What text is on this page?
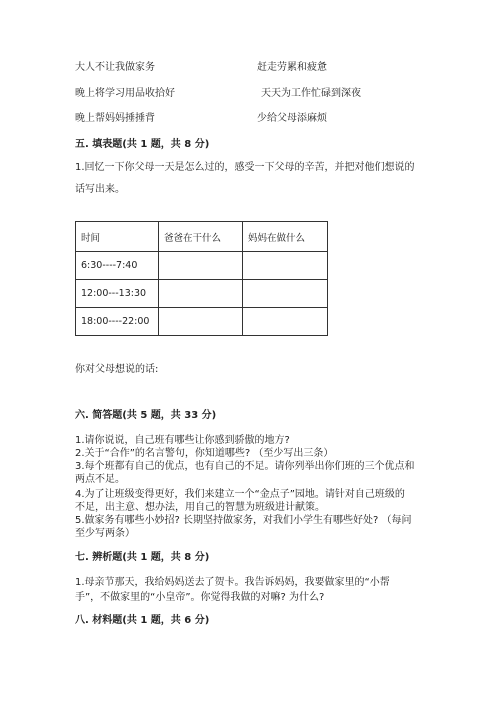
大人不让我做家务	赶走劳累和疲惫
晚上将学习用品收拾好	天天为工作忙碌到深夜
晚上帮妈妈捶捶背	少给父母添麻烦
五. 填表题(共 1 题，共 8 分)
1.回忆一下你父母一天是怎么过的，感受一下父母的辛苦，并把对他们想说的
话写出来。
时间	爸爸在干什么	妈妈在做什么
6:30----7:40		
12:00---13:30		
18:00----22:00		
你对父母想说的话:
六. 简答题(共 5 题，共 33 分)
1.请你说说，自己班有哪些让你感到骄傲的地方?
2.关于“合作”的名言警句，你知道哪些? （至少写出三条）
3.每个班都有自己的优点，也有自己的不足。请你列举出你们班的三个优点和
两点不足。
4.为了让班级变得更好，我们来建立一个“金点子”园地。请针对自己班级的
不足，出主意、想办法，用自己的智慧为班级进计献策。
5.做家务有哪些小妙招? 长期坚持做家务，对我们小学生有哪些好处? （每问
至少写两条）
七. 辨析题(共 1 题，共 8 分)
1.母亲节那天，我给妈妈送去了贺卡。我告诉妈妈，我要做家里的“小帮
手”，不做家里的“小皇帝”。你觉得我做的对嘛? 为什么?
八. 材料题(共 1 题，共 6 分)
